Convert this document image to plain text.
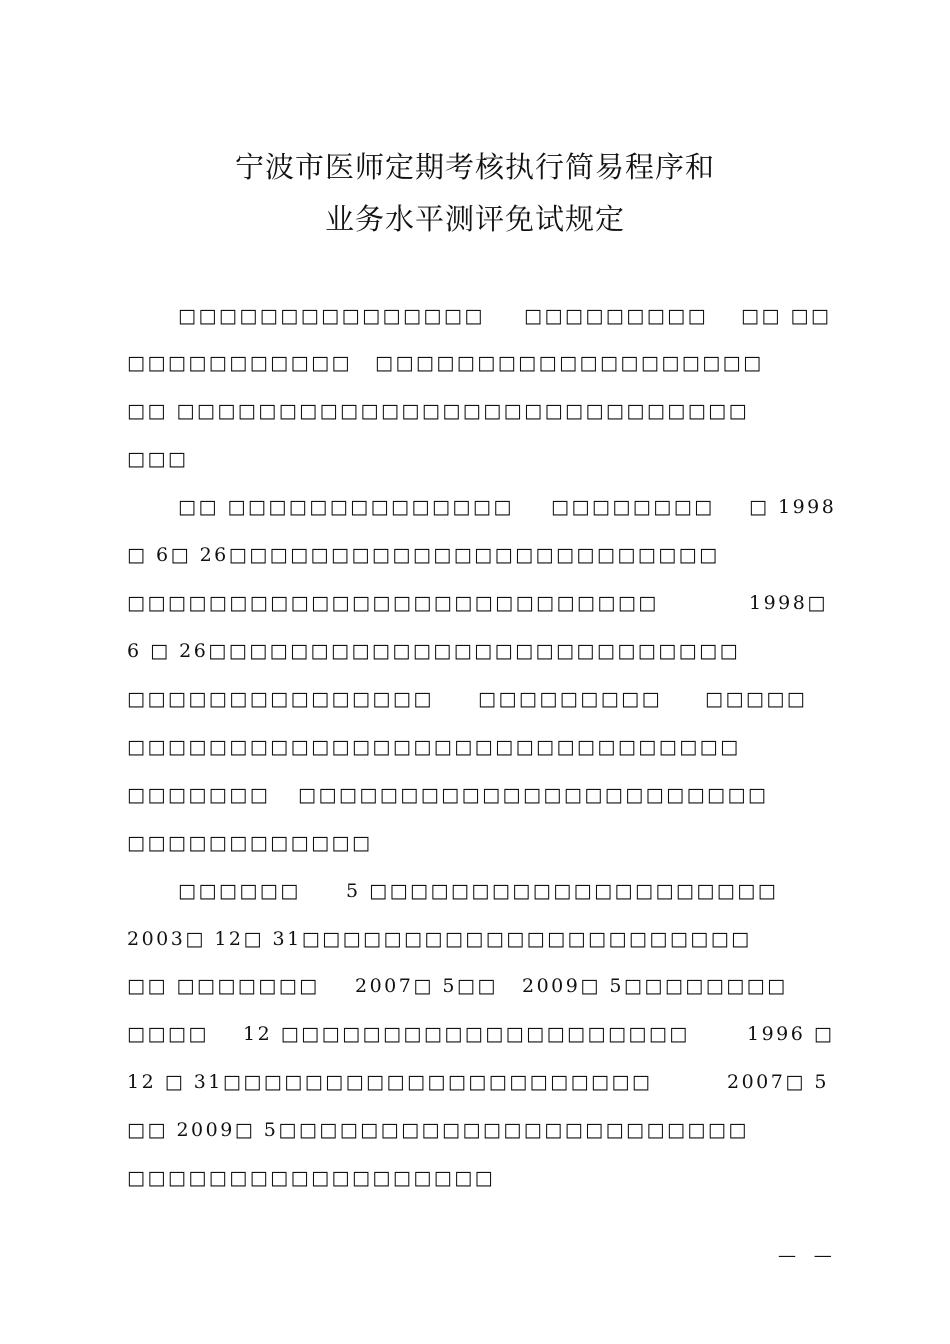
宁波市医师定期考核执行简易程序和
业务水平测评免试规定
□□□□□□□□□□□□□□□ □□□□□□□□□ □□ □□
□□□□□□□□□□□ □□□□□□□□□□□□□□□□□□□
□□ □□□□□□□□□□□□□□□□□□□□□□□□□□□□
□□□
□□ □□□□□□□□□□□□□□ □□□□□□□□ □ 1998
□ 6□ 26□□□□□□□□□□□□□□□□□□□□□□□□
□□□□□□□□□□□□□□□□□□□□□□□□□□	1998□
6 □ 26□□□□□□□□□□□□□□□□□□□□□□□□□□
□□□□□□□□□□□□□□□ □□□□□□□□□ □□□□□
□□□□□□□□□□□□□□□□□□□□□□□□□□□□□□
□□□□□□□ □□□□□□□□□□□□□□□□□□□□□□□
□□□□□□□□□□□□
□□□□□□ 5 □□□□□□□□□□□□□□□□□□□□
2003□ 12□ 31□□□□□□□□□□□□□□□□□□□□□□
□□ □□□□□□□ 2007□ 5□□ 2009□ 5□□□□□□□□
□□□□ 12 □□□□□□□□□□□□□□□□□□□□	1996 □
12 □ 31□□□□□□□□□□□□□□□□□□□□□	2007□ 5
□□ 2009□ 5□□□□□□□□□□□□□□□□□□□□□□□
□□□□□□□□□□□□□□□□□□
— —
